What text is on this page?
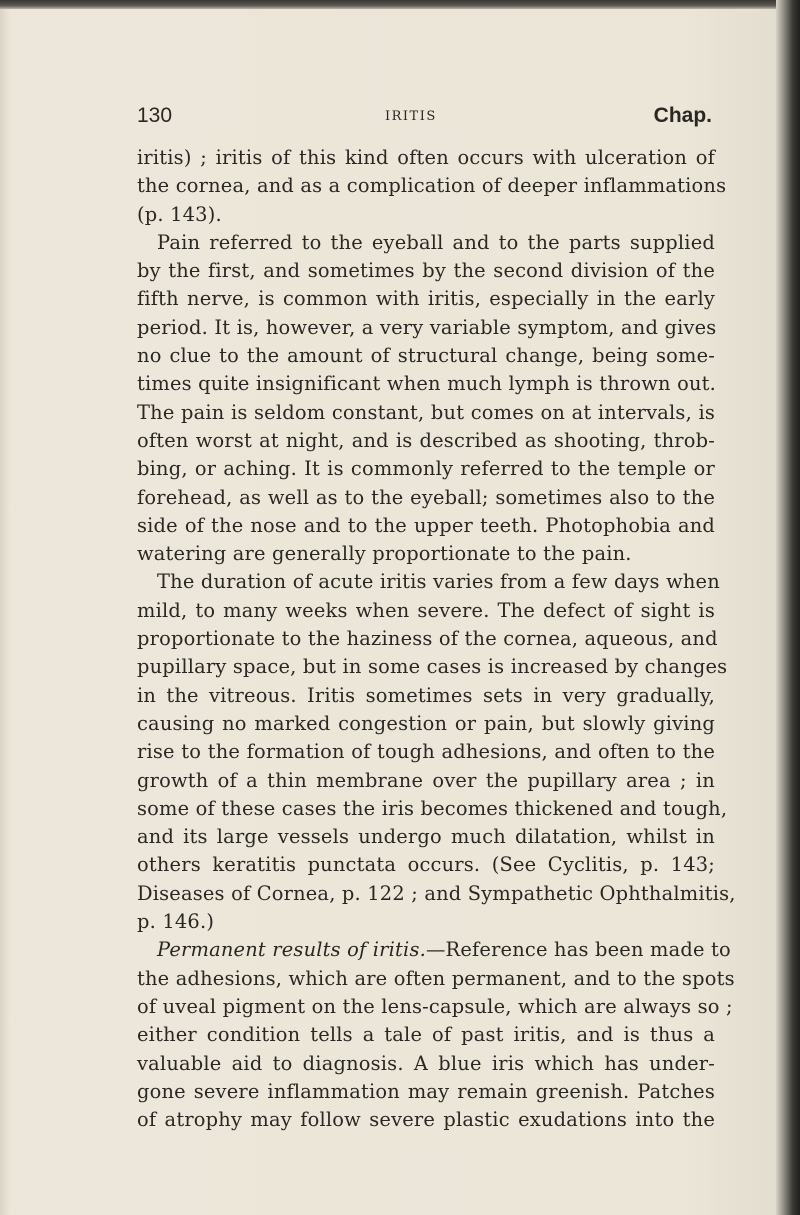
130	IRITIS	Chap.

iritis) ; iritis of this kind often occurs with ulceration of
the cornea, and as a complication of deeper inflammations
(p. 143).

Pain referred to the eyeball and to the parts supplied
by the first, and sometimes by the second division of the
fifth nerve, is common with iritis, especially in the early
period. It is, however, a very variable symptom, and gives
no clue to the amount of structural change, being some-
times quite insignificant when much lymph is thrown out.
The pain is seldom constant, but comes on at intervals, is
often worst at night, and is described as shooting, throb-
bing, or aching. It is commonly referred to the temple or
forehead, as well as to the eyeball; sometimes also to the
side of the nose and to the upper teeth. Photophobia and
watering are generally proportionate to the pain.

The duration of acute iritis varies from a few days when
mild, to many weeks when severe. The defect of sight is
proportionate to the haziness of the cornea, aqueous, and
pupillary space, but in some cases is increased by changes
in the vitreous. Iritis sometimes sets in very gradually,
causing no marked congestion or pain, but slowly giving
rise to the formation of tough adhesions, and often to the
growth of a thin membrane over the pupillary area ; in
some of these cases the iris becomes thickened and tough,
and its large vessels undergo much dilatation, whilst in
others keratitis punctata occurs. (See Cyclitis, p. 143;
Diseases of Cornea, p. 122 ; and Sympathetic Ophthalmitis,
p. 146.)

Permanent results of iritis.—Reference has been made to
the adhesions, which are often permanent, and to the spots
of uveal pigment on the lens-capsule, which are always so ;
either condition tells a tale of past iritis, and is thus a
valuable aid to diagnosis. A blue iris which has under-
gone severe inflammation may remain greenish. Patches
of atrophy may follow severe plastic exudations into the
